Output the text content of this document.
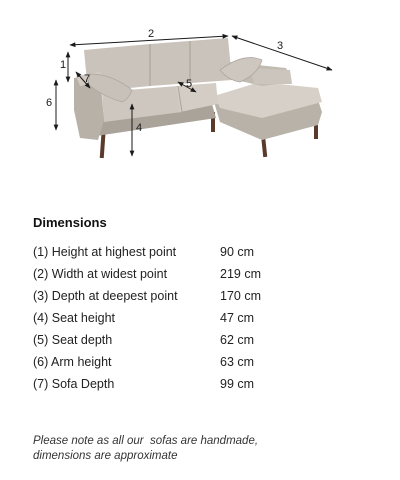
2
3
1
6
7	5
4
Dimensions
(1) Height at highest point	90 cm
(2) Width at widest point	219 cm
(3) Depth at deepest point	170 cm
(4) Seat height	47 cm
(5) Seat depth	62 cm
(6) Arm height	63 cm
(7) Sofa Depth	99 cm
Please note as all our  sofas are handmade,
dimensions are approximate
